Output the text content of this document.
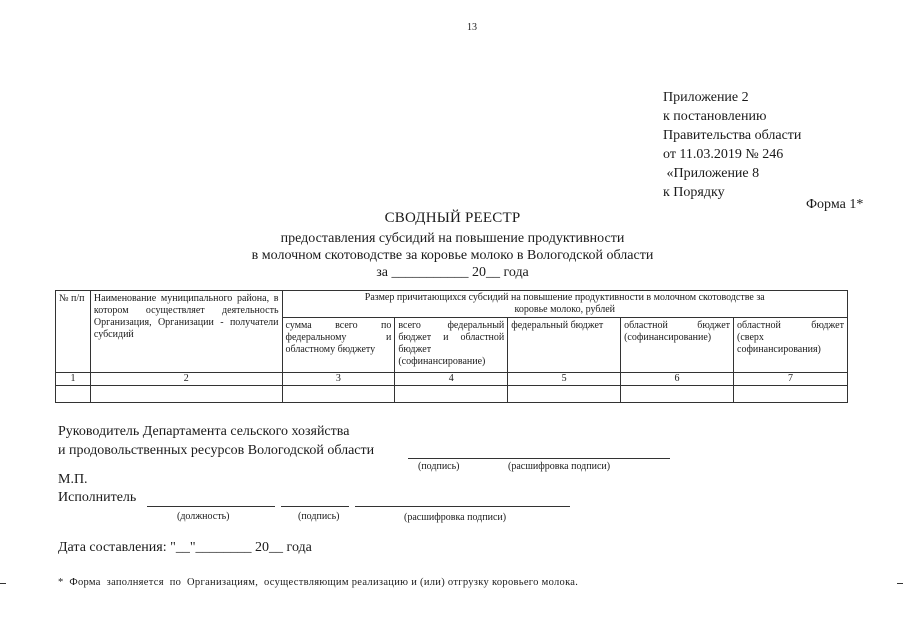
13
Приложение 2
к постановлению
Правительства области
от 11.03.2019 № 246
«Приложение 8
к Порядку
Форма 1*
СВОДНЫЙ РЕЕСТР
предоставления субсидий на повышение продуктивности
в молочном скотоводстве за коровье молоко в Вологодской области
за ___________ 20__ года
№ п/п	Наименование муниципального района, в котором осуществляет деятельность Организация, Организации - получатели субсидий	Размер причитающихся субсидий на повышение продуктивности в молочном скотоводстве за коровье молоко, рублей				
		сумма всего по федеральному и областному бюджету	всего федеральный бюджет и областной бюджет (софинансирование)	федеральный бюджет	областной бюджет (софинансирование)	областной бюджет (сверх софинансирования)
1	2	3	4	5	6	7

Руководитель Департамента сельского хозяйства
и продовольственных ресурсов Вологодской области
(подпись)	(расшифровка подписи)
М.П.
Исполнитель
(должность)	(подпись)	(расшифровка подписи)
Дата составления: "__"________ 20__ года
*  Форма  заполняется  по  Организациям,  осуществляющим реализацию и (или) отгрузку коровьего молока.
